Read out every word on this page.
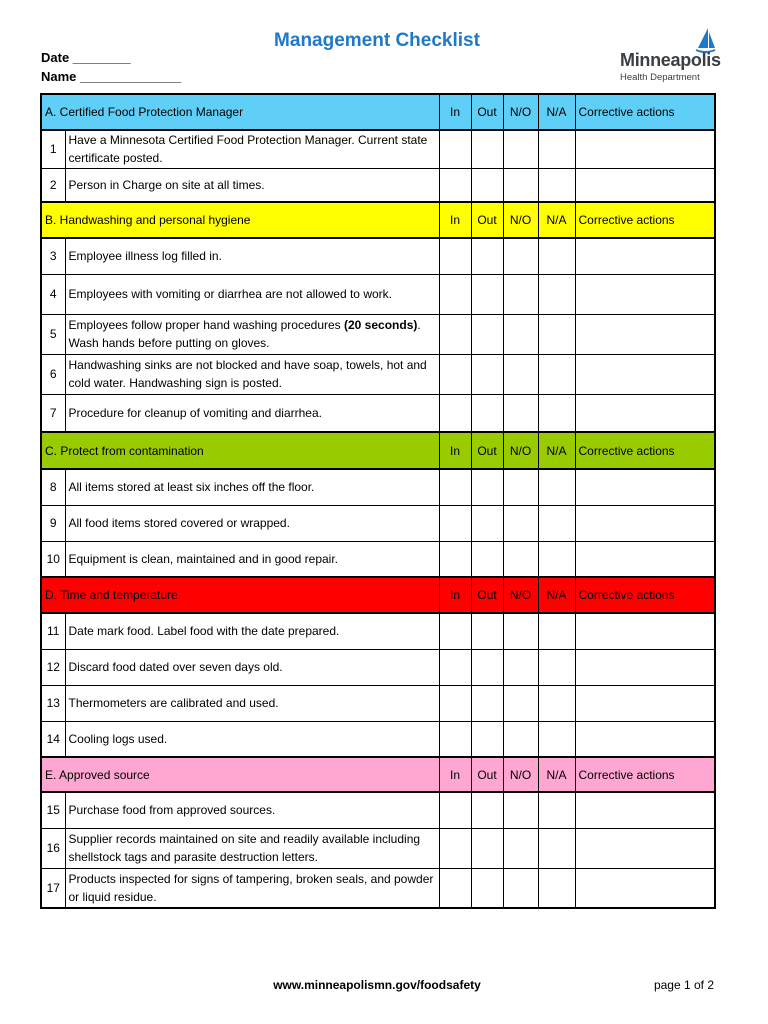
Management Checklist
Date ________
Name ______________
Minneapolis
Health Department
A. Certified Food Protection Manager		In	Out	N/O	N/A	Corrective actions
1	Have a Minnesota Certified Food Protection Manager. Current state certificate posted.					
2	Person in Charge on site at all times.					
B. Handwashing and personal hygiene		In	Out	N/O	N/A	Corrective actions
3	Employee illness log filled in.					
4	Employees with vomiting or diarrhea are not allowed to work.					
5	Employees follow proper hand washing procedures (20 seconds). Wash hands before putting on gloves.					
6	Handwashing sinks are not blocked and have soap, towels, hot and cold water. Handwashing sign is posted.					
7	Procedure for cleanup of vomiting and diarrhea.					
C. Protect from contamination		In	Out	N/O	N/A	Corrective actions
8	All items stored at least six inches off the floor.					
9	All food items stored covered or wrapped.					
10	Equipment is clean, maintained and in good repair.					
D. Time and temperature		In	Out	N/O	N/A	Corrective actions
11	Date mark food. Label food with the date prepared.					
12	Discard food dated over seven days old.					
13	Thermometers are calibrated and used.					
14	Cooling logs used.					
E. Approved source		In	Out	N/O	N/A	Corrective actions
15	Purchase food from approved sources.					
16	Supplier records maintained on site and readily available including shellstock tags and parasite destruction letters.					
17	Products inspected for signs of tampering, broken seals, and powder or liquid residue.					
www.minneapolismn.gov/foodsafety	page 1 of 2
